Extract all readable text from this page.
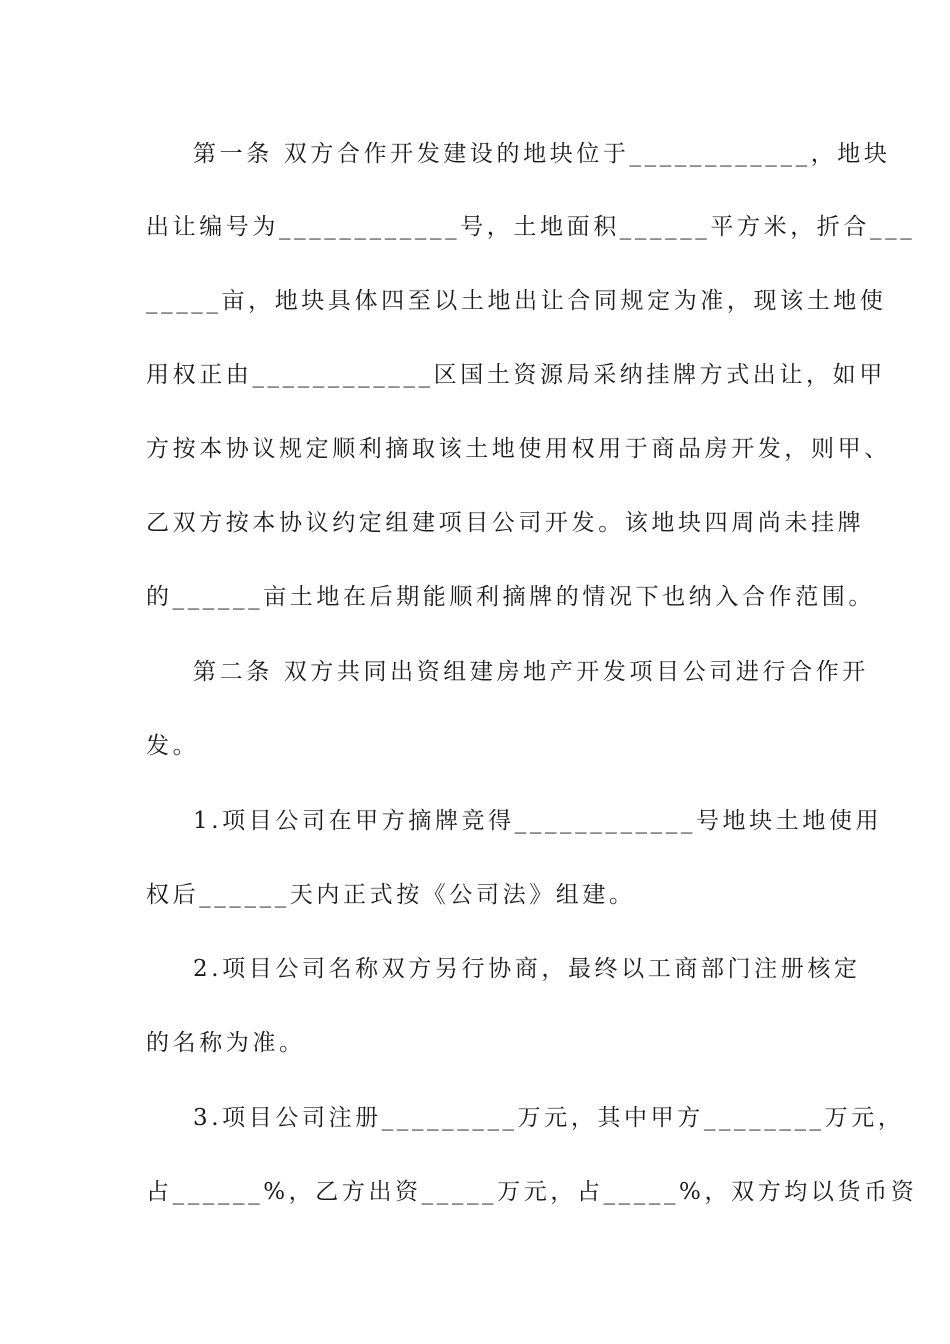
第一条 双方合作开发建设的地块位于____________，地块
出让编号为____________号，土地面积______平方米，折合___
_____亩，地块具体四至以土地出让合同规定为准，现该土地使
用权正由____________区国土资源局采纳挂牌方式出让，如甲
方按本协议规定顺利摘取该土地使用权用于商品房开发，则甲、
乙双方按本协议约定组建项目公司开发。该地块四周尚未挂牌
的______亩土地在后期能顺利摘牌的情况下也纳入合作范围。
第二条 双方共同出资组建房地产开发项目公司进行合作开
发。
1.项目公司在甲方摘牌竞得____________号地块土地使用
权后______天内正式按《公司法》组建。
2.项目公司名称双方另行协商，最终以工商部门注册核定
的名称为准。
3.项目公司注册_________万元，其中甲方________万元，
占______%，乙方出资_____万元，占_____%，双方均以货币资
